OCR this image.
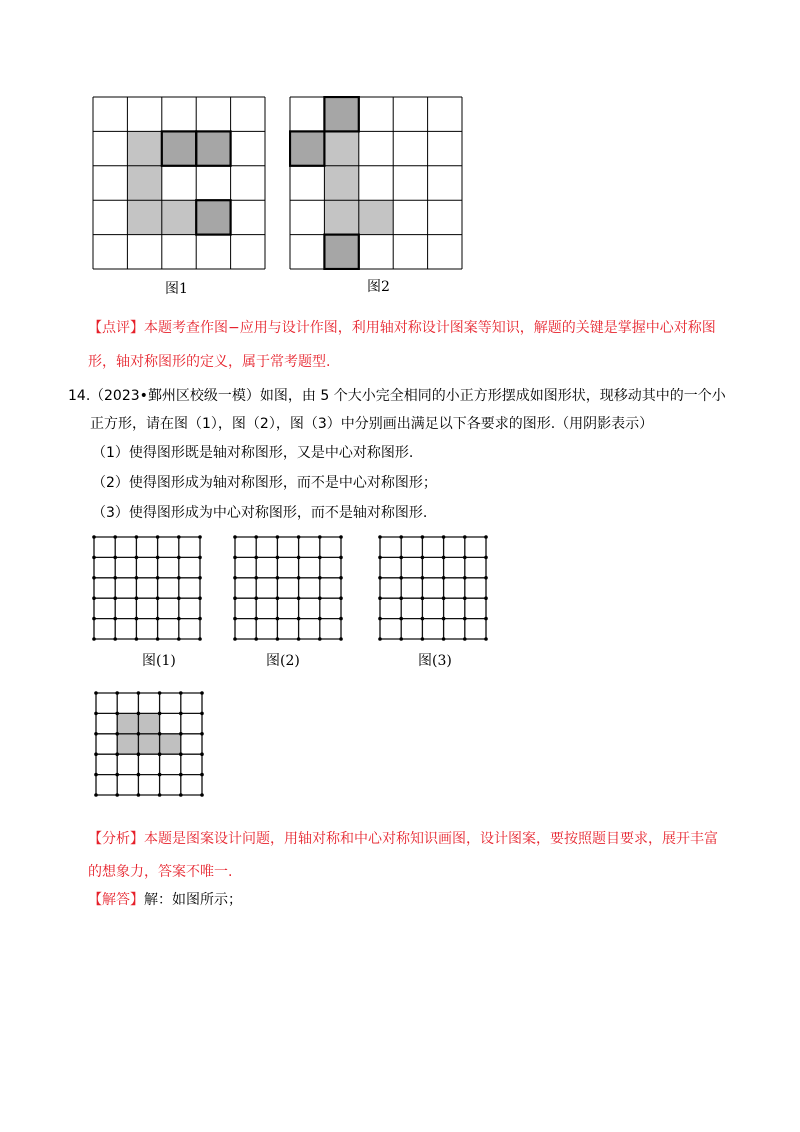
图1	图2
【点评】本题考查作图−应用与设计作图，利用轴对称设计图案等知识，解题的关键是掌握中心对称图
形，轴对称图形的定义，属于常考题型.
14. （2023•鄞州区校级一模）如图，由 5 个大小完全相同的小正方形摆成如图形状，现移动其中的一个小
正方形，请在图（1），图（2），图（3）中分别画出满足以下各要求的图形.（用阴影表示）
（1）使得图形既是轴对称图形，又是中心对称图形.
（2）使得图形成为轴对称图形，而不是中心对称图形；
（3）使得图形成为中心对称图形，而不是轴对称图形.
图(1)	图(2)	图(3)
【分析】本题是图案设计问题，用轴对称和中心对称知识画图，设计图案，要按照题目要求，展开丰富
的想象力，答案不唯一.
【解答】解：如图所示；
